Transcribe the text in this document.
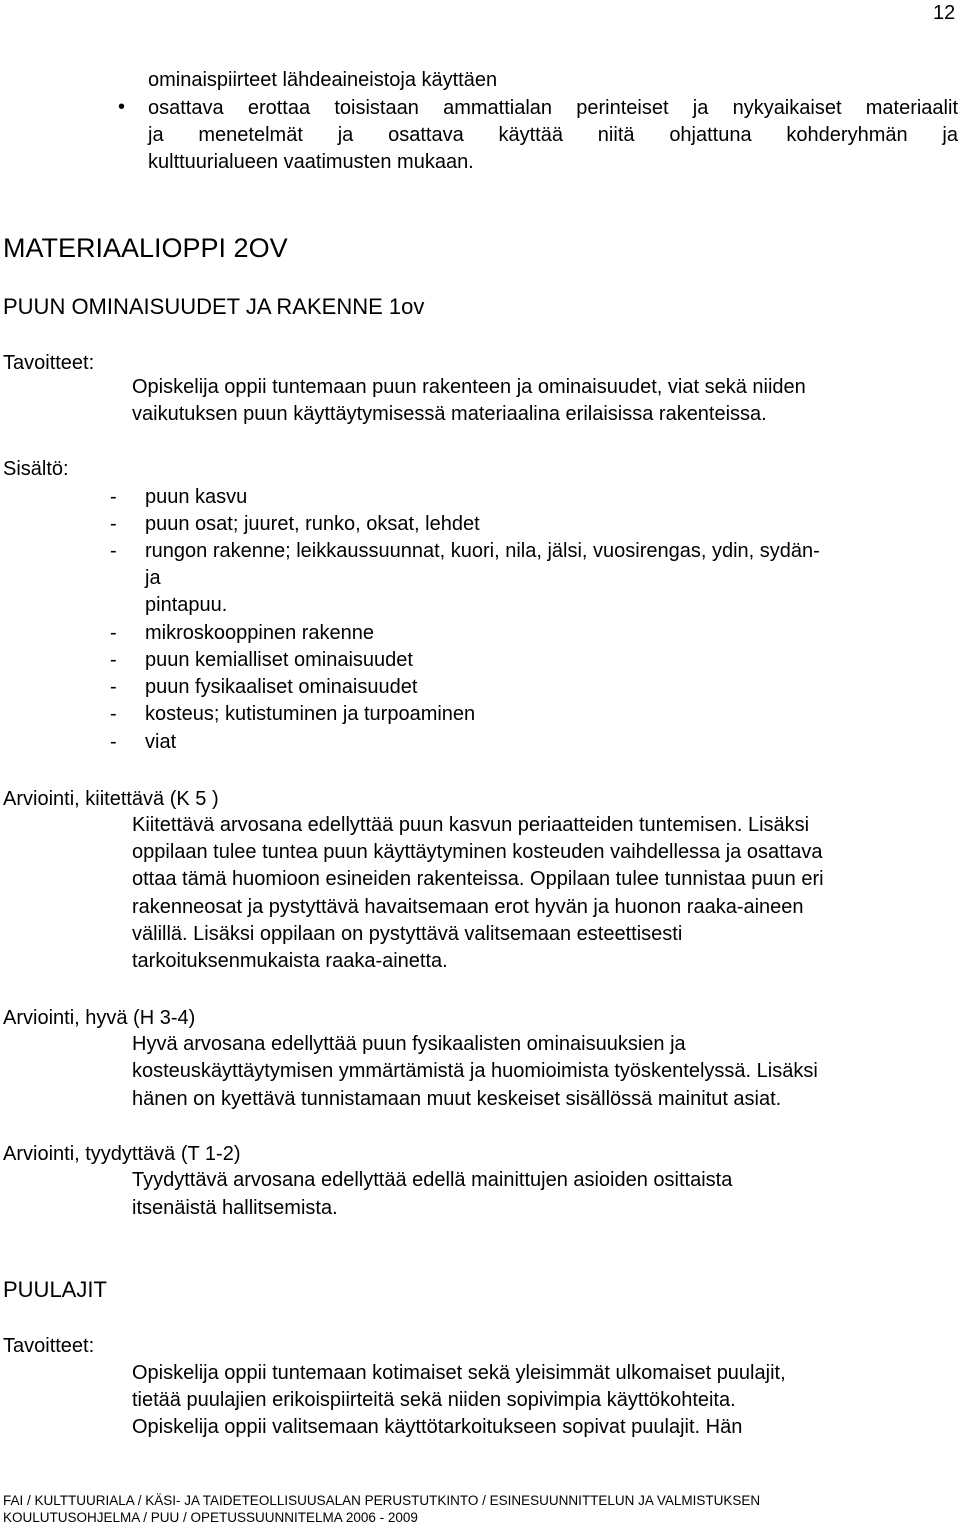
12
ominaispiirteet lähdeaineistoja käyttäen
• osattava erottaa toisistaan ammattialan perinteiset ja nykyaikaiset materiaalit
ja menetelmät ja osattava käyttää niitä ohjattuna kohderyhmän ja
kulttuurialueen vaatimusten mukaan.
MATERIAALIOPPI 2OV
PUUN OMINAISUUDET JA RAKENNE 1ov
Tavoitteet:
Opiskelija oppii tuntemaan puun rakenteen ja ominaisuudet, viat sekä niiden
vaikutuksen puun käyttäytymisessä materiaalina erilaisissa rakenteissa.
Sisältö:
- puun kasvu
- puun osat; juuret, runko, oksat, lehdet
- rungon rakenne; leikkaussuunnat, kuori, nila, jälsi, vuosirengas, ydin, sydän-
ja
pintapuu.
- mikroskooppinen rakenne
- puun kemialliset ominaisuudet
- puun fysikaaliset ominaisuudet
- kosteus; kutistuminen ja turpoaminen
- viat
Arviointi, kiitettävä (K 5 )
Kiitettävä arvosana edellyttää puun kasvun periaatteiden tuntemisen. Lisäksi
oppilaan tulee tuntea puun käyttäytyminen kosteuden vaihdellessa ja osattava
ottaa tämä huomioon esineiden rakenteissa. Oppilaan tulee tunnistaa puun eri
rakenneosat ja pystyttävä havaitsemaan erot hyvän ja huonon raaka-aineen
välillä. Lisäksi oppilaan on pystyttävä valitsemaan esteettisesti
tarkoituksenmukaista raaka-ainetta.
Arviointi, hyvä (H 3-4)
Hyvä arvosana edellyttää puun fysikaalisten ominaisuuksien ja
kosteuskäyttäytymisen ymmärtämistä ja huomioimista työskentelyssä. Lisäksi
hänen on kyettävä tunnistamaan muut keskeiset sisällössä mainitut asiat.
Arviointi, tyydyttävä (T 1-2)
Tyydyttävä arvosana edellyttää edellä mainittujen asioiden osittaista
itsenäistä hallitsemista.
PUULAJIT
Tavoitteet:
Opiskelija oppii tuntemaan kotimaiset sekä yleisimmät ulkomaiset puulajit,
tietää puulajien erikoispiirteitä sekä niiden sopivimpia käyttökohteita.
Opiskelija oppii valitsemaan käyttötarkoitukseen sopivat puulajit. Hän
FAI / KULTTUURIALA / KÄSI- JA TAIDETEOLLISUUSALAN PERUSTUTKINTO / ESINESUUNNITTELUN JA VALMISTUKSEN
KOULUTUSOHJELMA / PUU / OPETUSSUUNNITELMA 2006 - 2009
